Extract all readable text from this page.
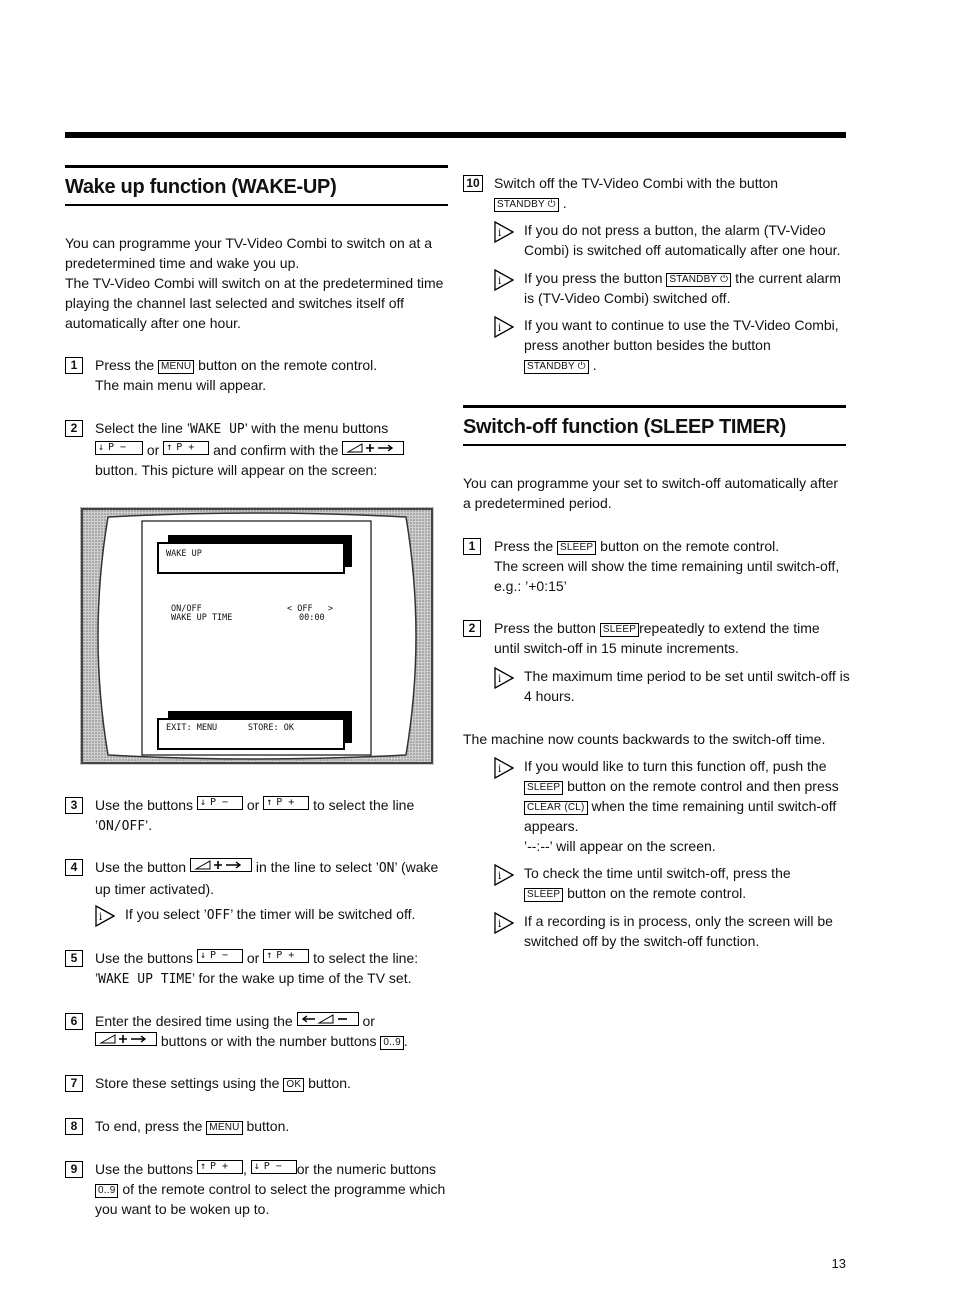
Wake up function (WAKE-UP)
You can programme your TV-Video Combi to switch on at a
predetermined time and wake you up.
The TV-Video Combi will switch on at the predetermined time
playing the channel last selected and switches itself off
automatically after one hour.
1	Press the MENU button on the remote control.
The main menu will appear.
2	Select the line ’WAKE UP’ with the menu buttons
↓ P − or ↑ P + and confirm with the
button. This picture will appear on the screen:
WAKE UP
ON/OFF	< OFF   >
WAKE UP TIME	00:00
EXIT: MENU      STORE: OK
3	Use the buttons ↓ P − or ↑ P + to select the line
’ON/OFF’.
4	Use the button	in the line to select ’ON’ (wake
up timer activated).
i If you select ’OFF’ the timer will be switched off.
5	Use the buttons ↓ P − or ↑ P + to select the line:
’WAKE UP TIME’ for the wake up time of the TV set.
6	Enter the desired time using the	or
buttons or with the number buttons 0..9 .
7	Store these settings using the OK button.
8	To end, press the MENU button.
9	Use the buttons ↑ P + , ↓ P − or the numeric buttons
0..9 of the remote control to select the programme which
you want to be woken up to.
10 Switch off the TV-Video Combi with the button
STANDBY ⏻ .
i If you do not press a button, the alarm (TV-Video
Combi) is switched off automatically after one hour.
i If you press the button STANDBY ⏻ the current alarm
is (TV-Video Combi) switched off.
i If you want to continue to use the TV-Video Combi,
press another button besides the button
STANDBY ⏻ .
Switch-off function (SLEEP TIMER)
You can programme your set to switch-off automatically after
a predetermined period.
1	Press the SLEEP button on the remote control.
The screen will show the time remaining until switch-off,
e.g.: ’+0:15’
2	Press the button SLEEP repeatedly to extend the time
until switch-off in 15 minute increments.
i The maximum time period to be set until switch-off is
4 hours.
The machine now counts backwards to the switch-off time.
i If you would like to turn this function off, push the
SLEEP button on the remote control and then press
CLEAR (CL) when the time remaining until switch-off
appears.
’--:--’ will appear on the screen.
i To check the time until switch-off, press the
SLEEP button on the remote control.
i If a recording is in process, only the screen will be
switched off by the switch-off function.
13
